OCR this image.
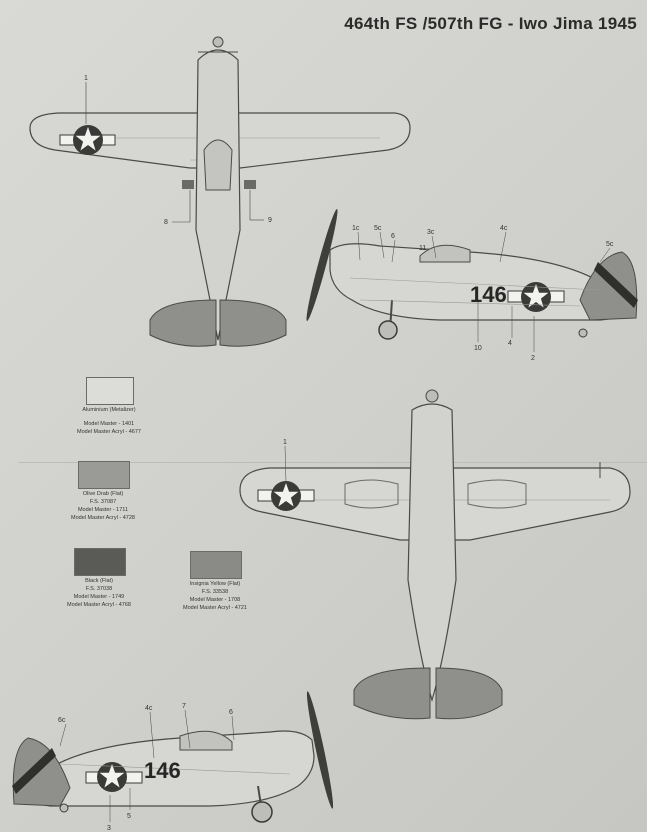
464th FS /507th FG - Iwo Jima 1945
1
8	9
146
1c 5c
6
3c
11
4c
5c
10
4
2
1
146
6c
4c	7
6
3
5
Aluminium (Metalizer)
Model Master - 1401
Model Master Acryl - 4677
Olive Drab (Flat)
F.S. 37087
Model Master - 1711
Model Master Acryl - 4728
Black (Flat)
F.S. 37038
Model Master - 1749
Model Master Acryl - 4768
Insignia Yellow (Flat)
F.S. 33538
Model Master - 1708
Model Master Acryl - 4721
